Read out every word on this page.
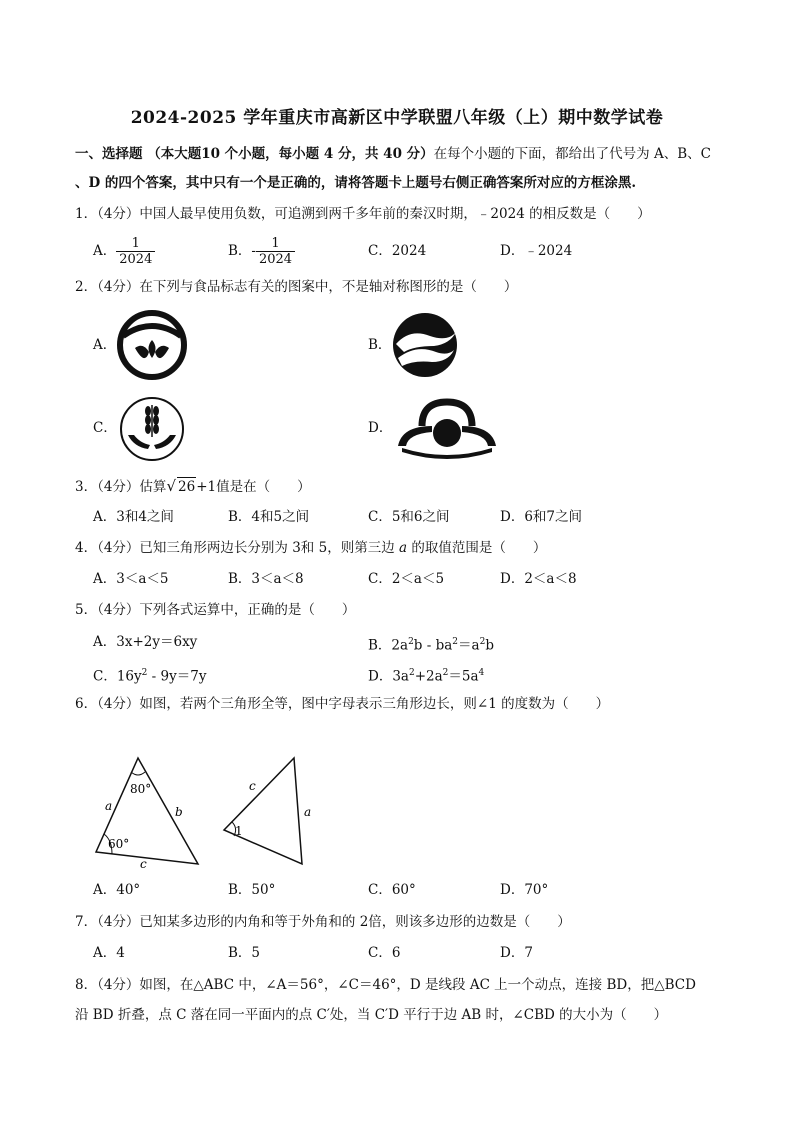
2024-2025 学年重庆市高新区中学联盟八年级（上）期中数学试卷
一、选择题 （本大题10 个小题，每小题 4 分，共 40 分）在每个小题的下面，都给出了代号为 A、B、C
、D 的四个答案，其中只有一个是正确的，请将答题卡上题号右侧正确答案所对应的方框涂黑.
1．（4分）中国人最早使用负数，可追溯到两千多年前的秦汉时期，﹣2024 的相反数是（　　）
A． $\frac{1}{2024}$	B．- $\frac{1}{2024}$	C．2024	D．﹣2024
2．（4分）在下列与食品标志有关的图案中，不是轴对称图形的是（　　）
A．	B．
C．	D．
3．（4分）估算√ 26+1值是在（　　）
A．3和4之间	B．4和5之间	C．5和6之间	D．6和7之间
4．（4分）已知三角形两边长分别为 3和 5，则第三边 a 的取值范围是（　　）
A．3＜a＜5	B．3＜a＜8	C．2＜a＜5	D．2＜a＜8
5．（4分）下列各式运算中，正确的是（　　）
A．3x+2y＝6xy	B．$2a^2b - ba^2=a^2b$
C．$16y^2 - 9y=7y$	D．$3a^2+2a^2=5a^4$
6．（4分）如图，若两个三角形全等，图中字母表示三角形边长，则∠1 的度数为（　　）
80°
60°
a	b
c
1
c
a
A．40°	B．50°	C．60°	D．70°
7．（4分）已知某多边形的内角和等于外角和的 2倍，则该多边形的边数是（　　）
A．4	B．5	C．6	D．7
8．（4分）如图，在△ABC 中，∠A＝56°，∠C＝46°，D 是线段 AC 上一个动点，连接 BD，把△BCD
沿 BD 折叠，点 C 落在同一平面内的点 C′处，当 C′D 平行于边 AB 时，∠CBD 的大小为（　　）
